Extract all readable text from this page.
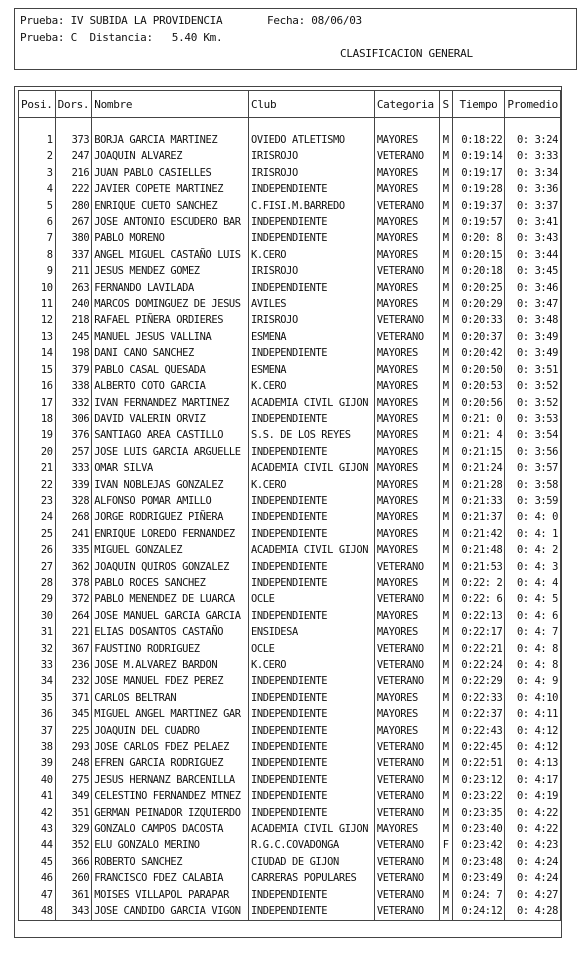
Prueba: IV SUBIDA LA PROVIDENCIA	Fecha: 08/06/03
Prueba: C  Distancia:   5.40 Km.
CLASIFICACION GENERAL
Posi.	Dors.	Nombre	Club	Categoria	S	Tiempo	Promedio

1	373	BORJA GARCIA MARTINEZ	OVIEDO ATLETISMO	MAYORES	M	0:18:22	0: 3:24
2	247	JOAQUIN ALVAREZ	IRISROJO	VETERANO	M	0:19:14	0: 3:33
3	216	JUAN PABLO CASIELLES	IRISROJO	MAYORES	M	0:19:17	0: 3:34
4	222	JAVIER COPETE MARTINEZ	INDEPENDIENTE	MAYORES	M	0:19:28	0: 3:36
5	280	ENRIQUE CUETO SANCHEZ	C.FISI.M.BARREDO	VETERANO	M	0:19:37	0: 3:37
6	267	JOSE ANTONIO ESCUDERO BAR	INDEPENDIENTE	MAYORES	M	0:19:57	0: 3:41
7	380	PABLO MORENO	INDEPENDIENTE	MAYORES	M	0:20: 8	0: 3:43
8	337	ANGEL MIGUEL CASTAÑO LUIS	K.CERO	MAYORES	M	0:20:15	0: 3:44
9	211	JESUS MENDEZ GOMEZ	IRISROJO	VETERANO	M	0:20:18	0: 3:45
10	263	FERNANDO LAVILADA	INDEPENDIENTE	MAYORES	M	0:20:25	0: 3:46
11	240	MARCOS DOMINGUEZ DE JESUS	AVILES	MAYORES	M	0:20:29	0: 3:47
12	218	RAFAEL PIÑERA ORDIERES	IRISROJO	VETERANO	M	0:20:33	0: 3:48
13	245	MANUEL JESUS VALLINA	ESMENA	VETERANO	M	0:20:37	0: 3:49
14	198	DANI CANO SANCHEZ	INDEPENDIENTE	MAYORES	M	0:20:42	0: 3:49
15	379	PABLO CASAL QUESADA	ESMENA	MAYORES	M	0:20:50	0: 3:51
16	338	ALBERTO COTO GARCIA	K.CERO	MAYORES	M	0:20:53	0: 3:52
17	332	IVAN FERNANDEZ MARTINEZ	ACADEMIA CIVIL GIJON	MAYORES	M	0:20:56	0: 3:52
18	306	DAVID VALERIN ORVIZ	INDEPENDIENTE	MAYORES	M	0:21: 0	0: 3:53
19	376	SANTIAGO AREA CASTILLO	S.S. DE LOS REYES	MAYORES	M	0:21: 4	0: 3:54
20	257	JOSE LUIS GARCIA ARGUELLE	INDEPENDIENTE	MAYORES	M	0:21:15	0: 3:56
21	333	OMAR SILVA	ACADEMIA CIVIL GIJON	MAYORES	M	0:21:24	0: 3:57
22	339	IVAN NOBLEJAS GONZALEZ	K.CERO	MAYORES	M	0:21:28	0: 3:58
23	328	ALFONSO POMAR AMILLO	INDEPENDIENTE	MAYORES	M	0:21:33	0: 3:59
24	268	JORGE RODRIGUEZ PIÑERA	INDEPENDIENTE	MAYORES	M	0:21:37	0: 4: 0
25	241	ENRIQUE LOREDO FERNANDEZ	INDEPENDIENTE	MAYORES	M	0:21:42	0: 4: 1
26	335	MIGUEL GONZALEZ	ACADEMIA CIVIL GIJON	MAYORES	M	0:21:48	0: 4: 2
27	362	JOAQUIN QUIROS GONZALEZ	INDEPENDIENTE	VETERANO	M	0:21:53	0: 4: 3
28	378	PABLO ROCES SANCHEZ	INDEPENDIENTE	MAYORES	M	0:22: 2	0: 4: 4
29	372	PABLO MENENDEZ DE LUARCA	OCLE	VETERANO	M	0:22: 6	0: 4: 5
30	264	JOSE MANUEL GARCIA GARCIA	INDEPENDIENTE	MAYORES	M	0:22:13	0: 4: 6
31	221	ELIAS DOSANTOS CASTAÑO	ENSIDESA	MAYORES	M	0:22:17	0: 4: 7
32	367	FAUSTINO RODRIGUEZ	OCLE	VETERANO	M	0:22:21	0: 4: 8
33	236	JOSE M.ALVAREZ BARDON	K.CERO	VETERANO	M	0:22:24	0: 4: 8
34	232	JOSE MANUEL FDEZ PEREZ	INDEPENDIENTE	VETERANO	M	0:22:29	0: 4: 9
35	371	CARLOS BELTRAN	INDEPENDIENTE	MAYORES	M	0:22:33	0: 4:10
36	345	MIGUEL ANGEL MARTINEZ GAR	INDEPENDIENTE	MAYORES	M	0:22:37	0: 4:11
37	225	JOAQUIN DEL CUADRO	INDEPENDIENTE	MAYORES	M	0:22:43	0: 4:12
38	293	JOSE CARLOS FDEZ PELAEZ	INDEPENDIENTE	VETERANO	M	0:22:45	0: 4:12
39	248	EFREN GARCIA RODRIGUEZ	INDEPENDIENTE	VETERANO	M	0:22:51	0: 4:13
40	275	JESUS HERNANZ BARCENILLA	INDEPENDIENTE	VETERANO	M	0:23:12	0: 4:17
41	349	CELESTINO FERNANDEZ MTNEZ	INDEPENDIENTE	VETERANO	M	0:23:22	0: 4:19
42	351	GERMAN PEINADOR IZQUIERDO	INDEPENDIENTE	VETERANO	M	0:23:35	0: 4:22
43	329	GONZALO CAMPOS DACOSTA	ACADEMIA CIVIL GIJON	MAYORES	M	0:23:40	0: 4:22
44	352	ELU GONZALO MERINO	R.G.C.COVADONGA	VETERANO	F	0:23:42	0: 4:23
45	366	ROBERTO SANCHEZ	CIUDAD DE GIJON	VETERANO	M	0:23:48	0: 4:24
46	260	FRANCISCO FDEZ CALABIA	CARRERAS POPULARES	VETERANO	M	0:23:49	0: 4:24
47	361	MOISES VILLAPOL PARAPAR	INDEPENDIENTE	VETERANO	M	0:24: 7	0: 4:27
48	343	JOSE CANDIDO GARCIA VIGON	INDEPENDIENTE	VETERANO	M	0:24:12	0: 4:28
